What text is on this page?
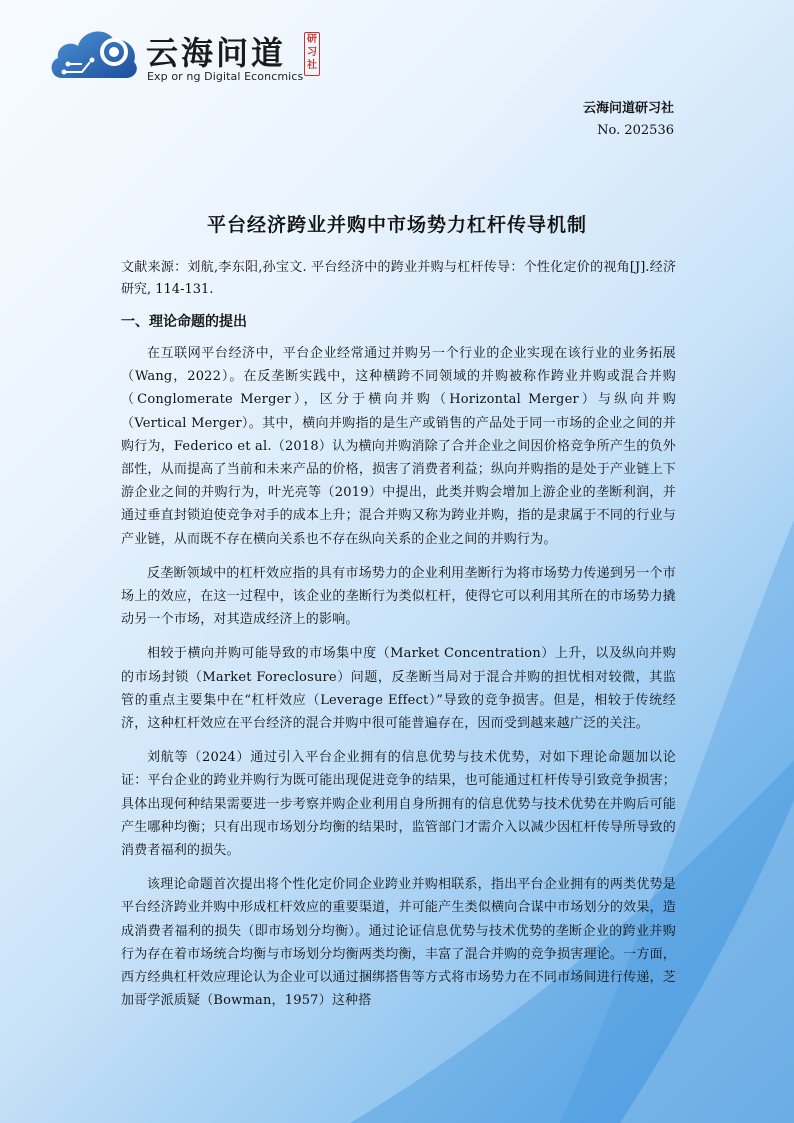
云海问道
Exp or ng Digital Econcmics
研习社
云海问道研习社
No. 202536
平台经济跨业并购中市场势力杠杆传导机制
文献来源：刘航,李东阳,孙宝文. 平台经济中的跨业并购与杠杆传导：个性化定价的视角[J].经济研究, 114-131.
一、理论命题的提出

在互联网平台经济中，平台企业经常通过并购另一个行业的企业实现在该行业的业务拓展（Wang，2022）。在反垄断实践中，这种横跨不同领域的并购被称作跨业并购或混合并购（Conglomerate Merger），区分于横向并购（Horizontal Merger）与纵向并购（Vertical Merger）。其中，横向并购指的是生产或销售的产品处于同一市场的企业之间的并购行为，Federico et al.（2018）认为横向并购消除了合并企业之间因价格竞争所产生的负外部性，从而提高了当前和未来产品的价格，损害了消费者利益；纵向并购指的是处于产业链上下游企业之间的并购行为，叶光亮等（2019）中提出，此类并购会增加上游企业的垄断利润，并通过垂直封锁迫使竞争对手的成本上升；混合并购又称为跨业并购，指的是隶属于不同的行业与产业链，从而既不存在横向关系也不存在纵向关系的企业之间的并购行为。

反垄断领域中的杠杆效应指的具有市场势力的企业利用垄断行为将市场势力传递到另一个市场上的效应，在这一过程中，该企业的垄断行为类似杠杆，使得它可以利用其所在的市场势力撬动另一个市场，对其造成经济上的影响。

相较于横向并购可能导致的市场集中度（Market Concentration）上升，以及纵向并购的市场封锁（Market Foreclosure）问题，反垄断当局对于混合并购的担忧相对较微，其监管的重点主要集中在“杠杆效应（Leverage Effect）”导致的竞争损害。但是，相较于传统经济，这种杠杆效应在平台经济的混合并购中很可能普遍存在，因而受到越来越广泛的关注。

刘航等（2024）通过引入平台企业拥有的信息优势与技术优势，对如下理论命题加以论证：平台企业的跨业并购行为既可能出现促进竞争的结果，也可能通过杠杆传导引致竞争损害；具体出现何种结果需要进一步考察并购企业利用自身所拥有的信息优势与技术优势在并购后可能产生哪种均衡；只有出现市场划分均衡的结果时，监管部门才需介入以减少因杠杆传导所导致的消费者福利的损失。

该理论命题首次提出将个性化定价同企业跨业并购相联系，指出平台企业拥有的两类优势是平台经济跨业并购中形成杠杆效应的重要渠道，并可能产生类似横向合谋中市场划分的效果，造成消费者福利的损失（即市场划分均衡）。通过论证信息优势与技术优势的垄断企业的跨业并购行为存在着市场统合均衡与市场划分均衡两类均衡，丰富了混合并购的竞争损害理论。一方面，西方经典杠杆效应理论认为企业可以通过捆绑搭售等方式将市场势力在不同市场间进行传递，芝加哥学派质疑（Bowman，1957）这种搭
